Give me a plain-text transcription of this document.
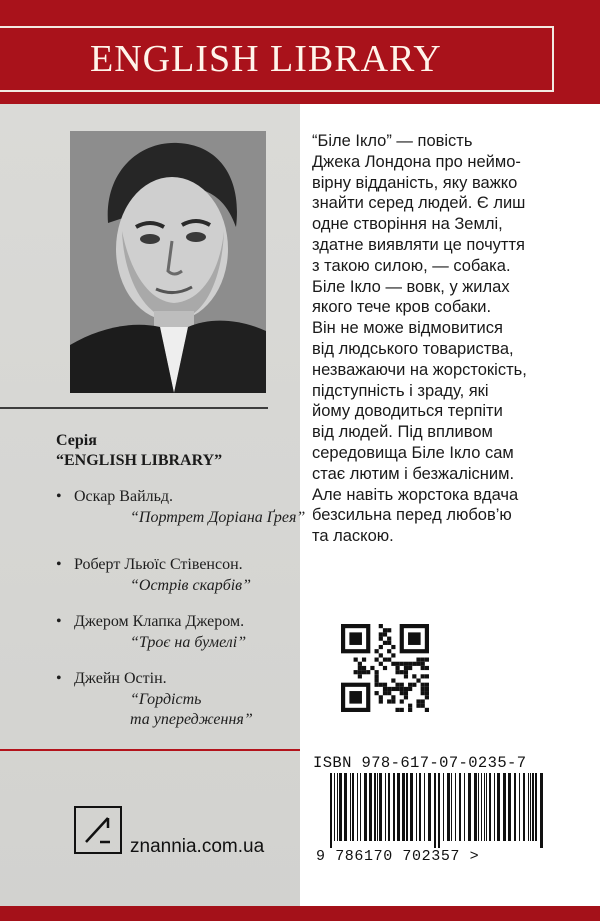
ENGLISH LIBRARY
Серія
“ENGLISH LIBRARY”
• Оскар Вайльд.
“Портрет Доріана Ґрея”
• Роберт Льюїс Стівенсон.
“Острів скарбів”
• Джером Клапка Джером.
“Троє на бумелі”
• Джейн Остін.
“Гордість
та упередження”
znannia.com.ua
“Біле Ікло” — повість
Джека Лондона про неймо-
вірну відданість, яку важко
знайти серед людей. Є лиш
одне створіння на Землі,
здатне виявляти це почуття
з такою силою, — собака.
Біле Ікло — вовк, у жилах
якого тече кров собаки.
Він не може відмовитися
від людського товариства,
незважаючи на жорстокість,
підступність і зраду, які
йому доводиться терпіти
від людей. Під впливом
середовища Біле Ікло сам
стає лютим і безжалісним.
Але навіть жорстока вдача
безсильна перед любов’ю
та ласкою.
ISBN 978-617-07-0235-7
9 786170 702357 >
